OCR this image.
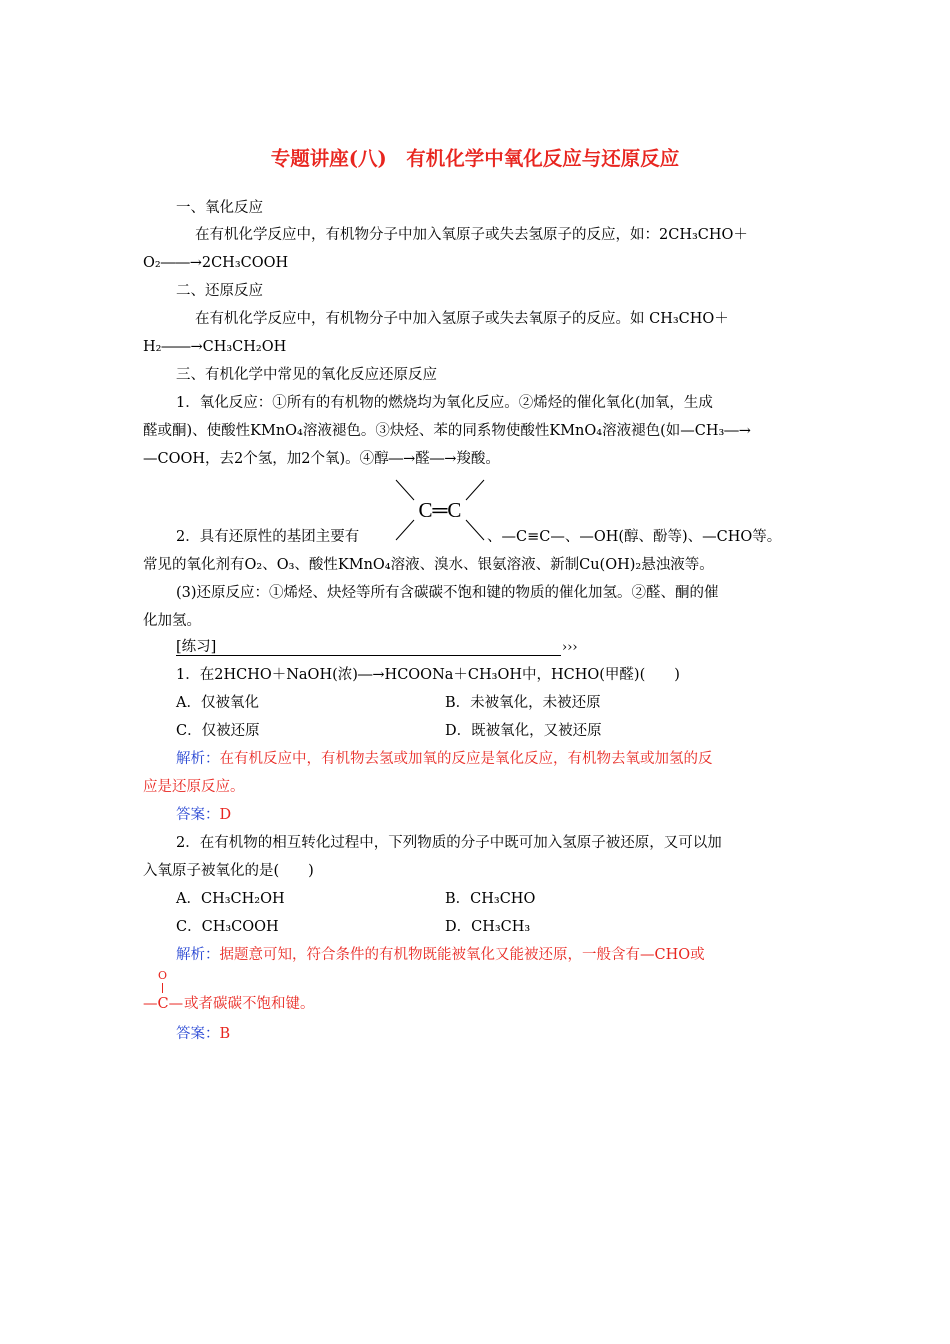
专题讲座(八)　有机化学中氧化反应与还原反应
一、氧化反应
在有机化学反应中，有机物分子中加入氧原子或失去氢原子的反应，如：2CH₃CHO＋
O₂――→2CH₃COOH
二、还原反应
在有机化学反应中，有机物分子中加入氢原子或失去氧原子的反应。如 CH₃CHO＋
H₂――→CH₃CH₂OH
三、有机化学中常见的氧化反应还原反应
1．氧化反应：①所有的有机物的燃烧均为氧化反应。②烯烃的催化氧化(加氧，生成
醛或酮)、使酸性KMnO₄溶液褪色。③炔烃、苯的同系物使酸性KMnO₄溶液褪色(如—CH₃―→
—COOH，去2个氢，加2个氧)。④醇―→醛―→羧酸。
C═C
2．具有还原性的基团主要有	、—C≡C—、—OH(醇、酚等)、—CHO等。
常见的氧化剂有O₂、O₃、酸性KMnO₄溶液、溴水、银氨溶液、新制Cu(OH)₂悬浊液等。
(3)还原反应：①烯烃、炔烃等所有含碳碳不饱和键的物质的催化加氢。②醛、酮的催
化加氢。
[练习]	›››
1．在2HCHO＋NaOH(浓)―→HCOONa＋CH₃OH中，HCHO(甲醛)(　　)
A．仅被氧化	B．未被氧化，未被还原
C．仅被还原	D．既被氧化，又被还原
解析：在有机反应中，有机物去氢或加氧的反应是氧化反应，有机物去氧或加氢的反
应是还原反应。
答案：D
2．在有机物的相互转化过程中，下列物质的分子中既可加入氢原子被还原，又可以加
入氧原子被氧化的是(　　)
A．CH₃CH₂OH	B．CH₃CHO
C．CH₃COOH	D．CH₃CH₃
解析：据题意可知，符合条件的有机物既能被氧化又能被还原，一般含有—CHO或
O
—C— 或者碳碳不饱和键。
答案：B
